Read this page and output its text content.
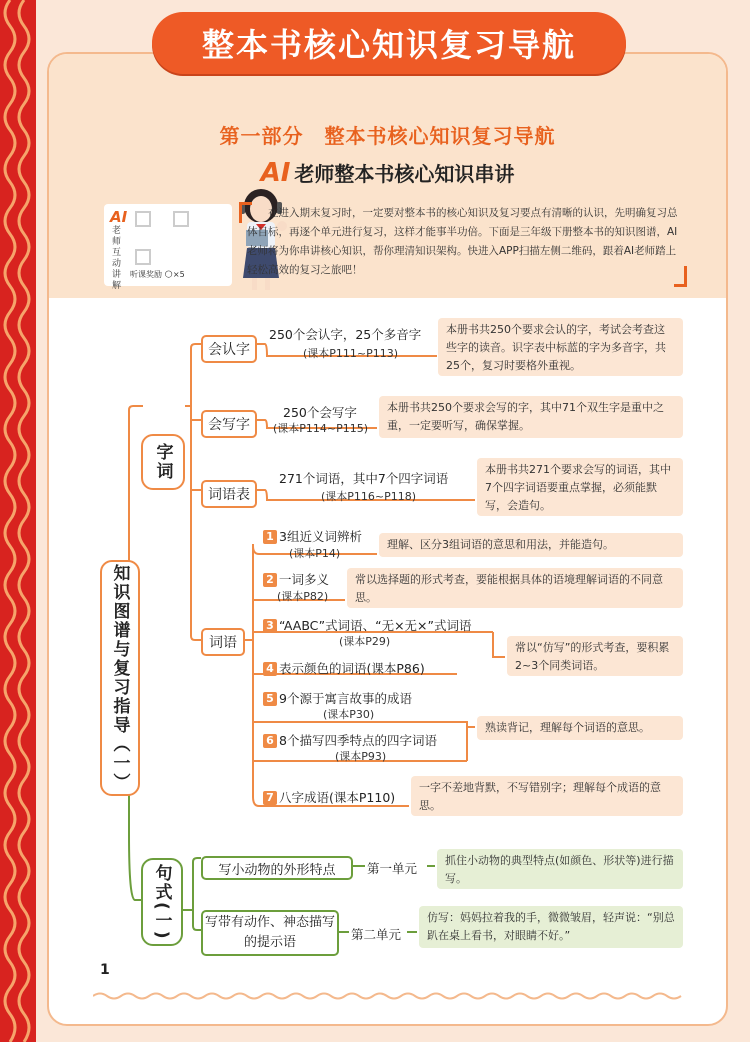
第一部分　整本书核心知识复习导航
AI 老师整本书核心知识串讲
AI
老师互动讲解
听课奖励 🌕×5
在进入期末复习时，一定要对整本书的核心知识及复习要点有清晰的认识，先明确复习总体目标，再逐个单元进行复习，这样才能事半功倍。下面是三年级下册整本书的知识图谱，AI老师将为你串讲核心知识，帮你理清知识架构。快进入APP扫描左侧二维码，跟着AI老师踏上轻松高效的复习之旅吧！
知识图谱与复习指导（一）
字词
会认字
250个会认字，25个多音字
(课本P111~P113)
本册书共250个要求会认的字，考试会考查这些字的读音。识字表中标蓝的字为多音字，共25个，复习时要格外重视。
会写字
250个会写字
(课本P114~P115)
本册书共250个要求会写的字，其中71个双生字是重中之重，一定要听写，确保掌握。
词语表
271个词语，其中7个四字词语
(课本P116~P118)
本册书共271个要求会写的词语，其中7个四字词语要重点掌握，必须能默写，会造句。
词语
1 3组近义词辨析
(课本P14)
理解、区分3组词语的意思和用法，并能造句。
2 一词多义
(课本P82)
常以选择题的形式考查，要能根据具体的语境理解词语的不同意思。
3 “AABC”式词语、“无×无×”式词语
(课本P29)
4 表示颜色的词语(课本P86)
常以“仿写”的形式考查，要积累2~3个同类词语。
5 9个源于寓言故事的成语
(课本P30)
6 8个描写四季特点的四字词语
(课本P93)
熟读背记，理解每个词语的意思。
7 八字成语(课本P110)
一字不差地背默，不写错别字；理解每个成语的意思。
句式(一)	写小动物的外形特点	第一单元
抓住小动物的典型特点(如颜色、形状等)进行描写。
写带有动作、神态描写的提示语
第二单元
仿写：妈妈拉着我的手，微微皱眉，轻声说：“别总趴在桌上看书，对眼睛不好。”
整本书核心知识复习导航
1
